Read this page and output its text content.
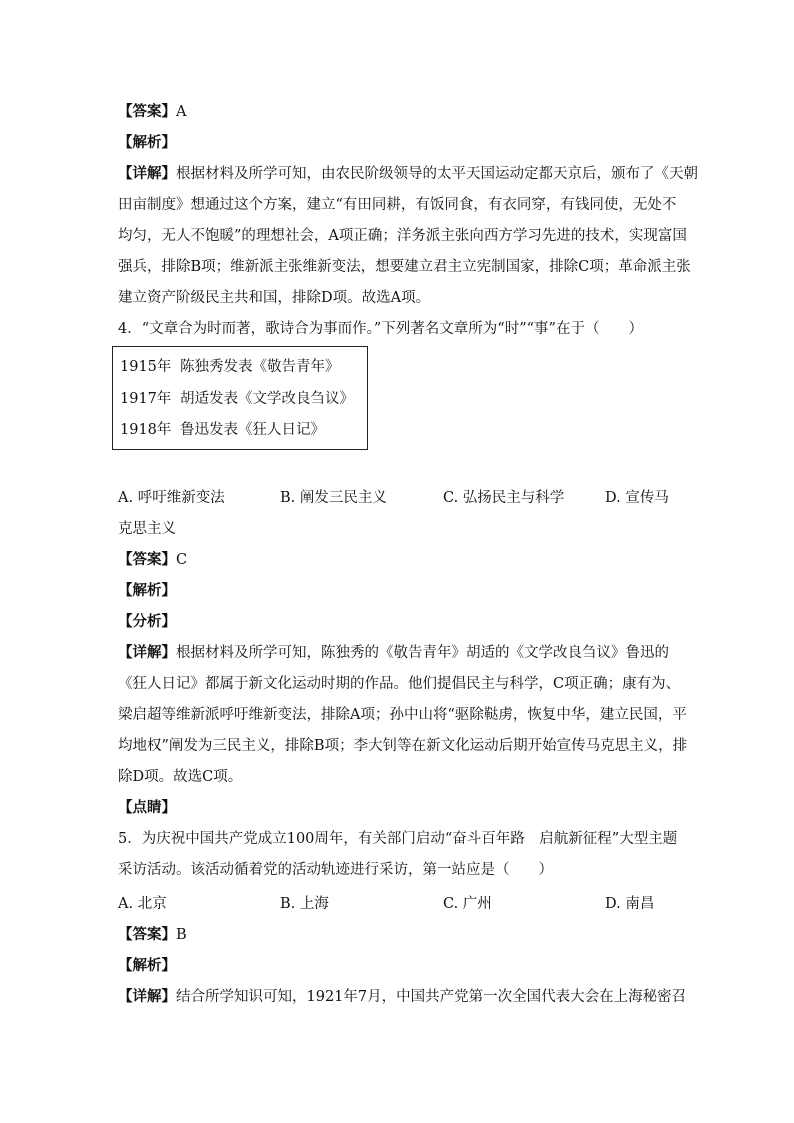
【答案】A
【解析】
【详解】根据材料及所学可知，由农民阶级领导的太平天国运动定都天京后，颁布了《天朝
田亩制度》想通过这个方案，建立“有田同耕，有饭同食，有衣同穿，有钱同使，无处不
均匀，无人不饱暖”的理想社会，A项正确；洋务派主张向西方学习先进的技术，实现富国
强兵，排除B项；维新派主张维新变法，想要建立君主立宪制国家，排除C项；革命派主张
建立资产阶级民主共和国，排除D项。故选A项。
4．“文章合为时而著，歌诗合为事而作。”下列著名文章所为“时”“事”在于（　　）
1915年 陈独秀发表《敬告青年》
1917年 胡适发表《文学改良刍议》
1918年 鲁迅发表《狂人日记》
A. 呼吁维新变法	B. 阐发三民主义	C. 弘扬民主与科学	D. 宣传马
克思主义
【答案】C
【解析】
【分析】
【详解】根据材料及所学可知，陈独秀的《敬告青年》胡适的《文学改良刍议》鲁迅的
《狂人日记》都属于新文化运动时期的作品。他们提倡民主与科学，C项正确；康有为、
梁启超等维新派呼吁维新变法，排除A项；孙中山将“驱除鞑虏，恢复中华，建立民国，平
均地权”阐发为三民主义，排除B项；李大钊等在新文化运动后期开始宣传马克思主义，排
除D项。故选C项。
【点睛】
5．为庆祝中国共产党成立100周年，有关部门启动“奋斗百年路　启航新征程”大型主题
采访活动。该活动循着党的活动轨迹进行采访，第一站应是（　　）
A. 北京	B. 上海	C. 广州	D. 南昌
【答案】B
【解析】
【详解】结合所学知识可知，1921年7月，中国共产党第一次全国代表大会在上海秘密召
